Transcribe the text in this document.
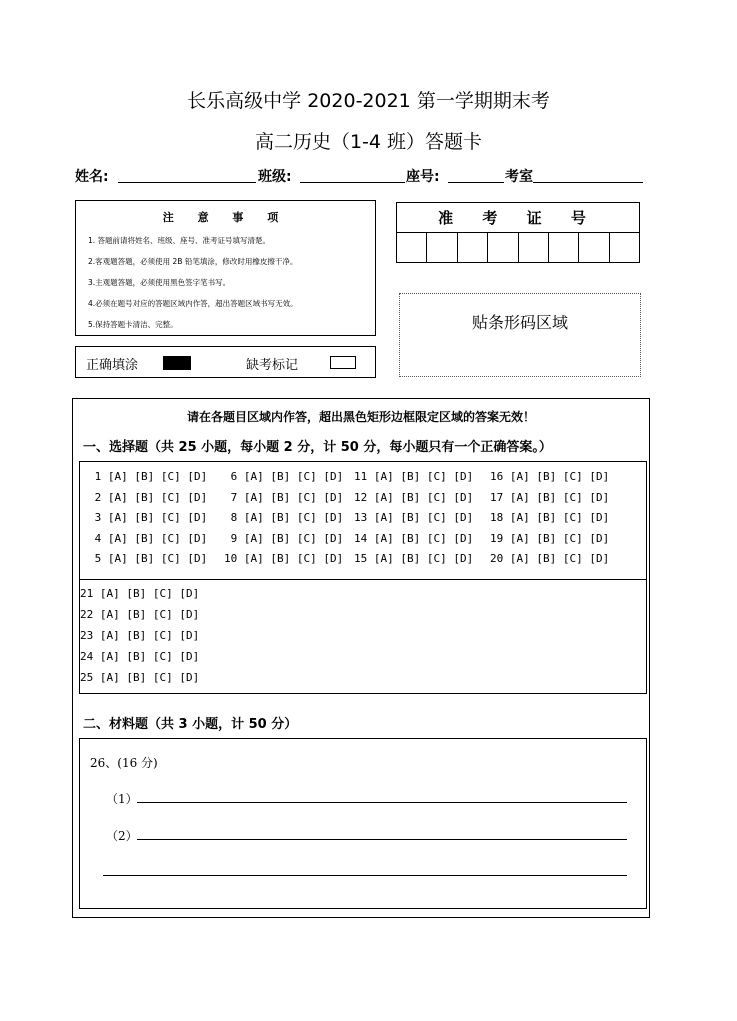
长乐高级中学 2020-2021 第一学期期末考
高二历史（1-4 班）答题卡
姓名:	班级:	座号:	考室
注 意 事 项
1. 答题前请将姓名、班级、座号、准考证号填写清楚。
2.客观题答题，必须使用 2B 铅笔填涂，修改时用橡皮擦干净。
3.主观题答题，必须使用黑色签字笔书写。
4.必须在题号对应的答题区域内作答，超出答题区域书写无效。
5.保持答题卡清洁、完整。
正确填涂	缺考标记
准 考 证 号
贴条形码区域
请在各题目区域内作答，超出黑色矩形边框限定区域的答案无效！
一、选择题（共 25 小题，每小题 2 分，计 50 分，每小题只有一个正确答案。）
1 [A] [B] [C] [D]
2 [A] [B] [C] [D]
3 [A] [B] [C] [D]
4 [A] [B] [C] [D]
5 [A] [B] [C] [D]
6 [A] [B] [C] [D]
7 [A] [B] [C] [D]
8 [A] [B] [C] [D]
9 [A] [B] [C] [D]
10 [A] [B] [C] [D]
11 [A] [B] [C] [D]
12 [A] [B] [C] [D]
13 [A] [B] [C] [D]
14 [A] [B] [C] [D]
15 [A] [B] [C] [D]
16 [A] [B] [C] [D]
17 [A] [B] [C] [D]
18 [A] [B] [C] [D]
19 [A] [B] [C] [D]
20 [A] [B] [C] [D]
21 [A] [B] [C] [D]
22 [A] [B] [C] [D]
23 [A] [B] [C] [D]
24 [A] [B] [C] [D]
25 [A] [B] [C] [D]
二、材料题（共 3 小题，计 50 分）
26、(16 分)
（1）
（2）
